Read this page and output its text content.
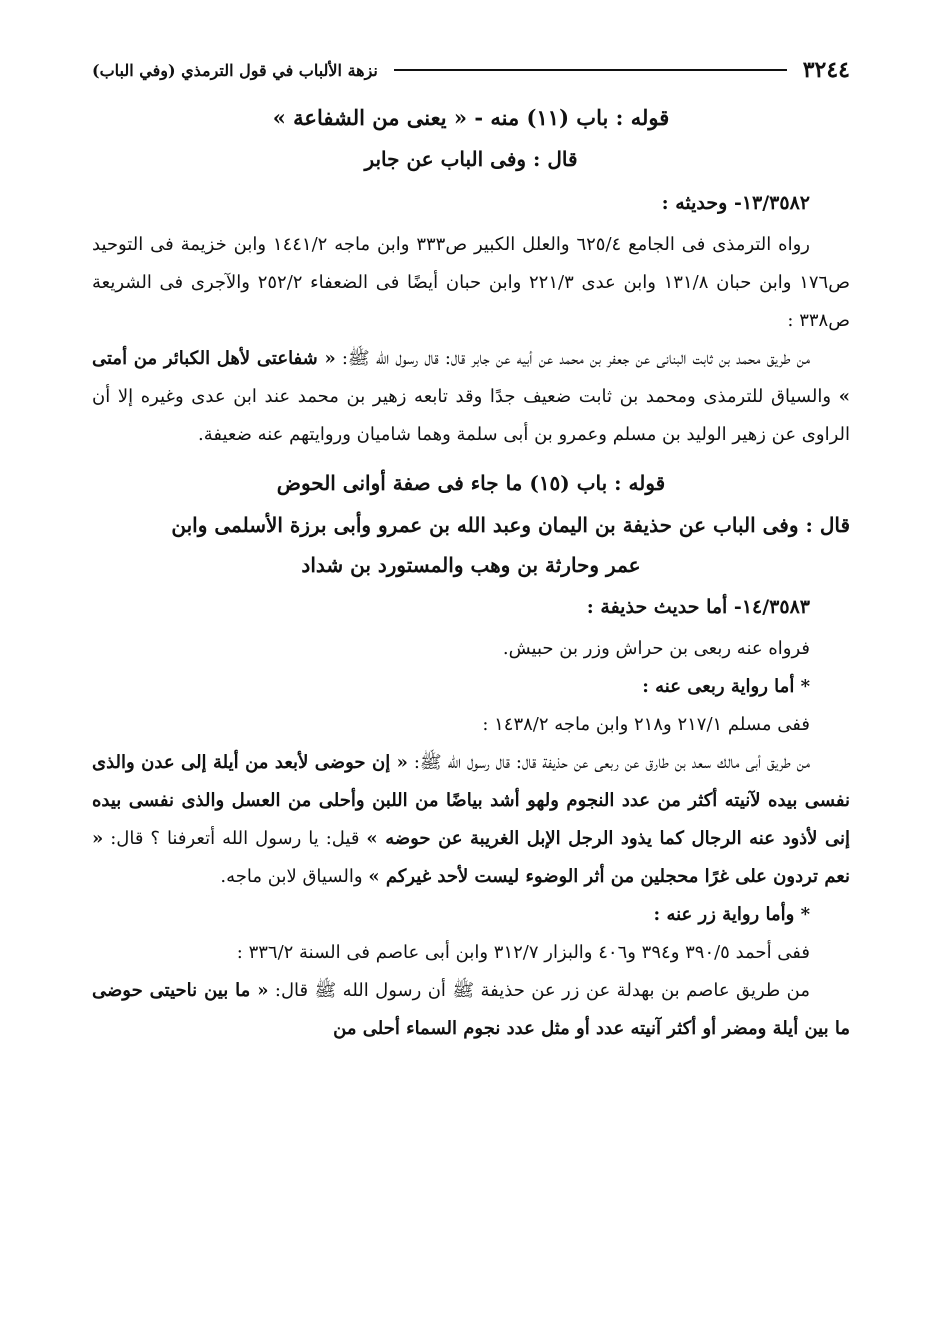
٣٢٤٤
نزهة الألباب في قول الترمذي (وفي الباب)
قوله : باب (١١) منه - « يعنى من الشفاعة »
قال : وفى الباب عن جابر
١٣/٣٥٨٢- وحديثه :

رواه الترمذى فى الجامع ٦٢٥/٤ والعلل الكبير ص٣٣٣ وابن ماجه ١٤٤١/٢ وابن خزيمة فى التوحيد ص١٧٦ وابن حبان ١٣١/٨ وابن عدى ٢٢١/٣ وابن حبان أيضًا فى الضعفاء ٢٥٢/٢ والآجرى فى الشريعة ص٣٣٨ :

من طريق محمد بن ثابت البنانى عن جعفر بن محمد عن أبيه عن جابر قال: قال رسول الله ﷺ: « شفاعتى لأهل الكبائر من أمتى » والسياق للترمذى ومحمد بن ثابت ضعيف جدًا وقد تابعه زهير بن محمد عند ابن عدى وغيره إلا أن الراوى عن زهير الوليد بن مسلم وعمرو بن أبى سلمة وهما شاميان وروايتهم عنه ضعيفة.

قوله : باب (١٥) ما جاء فى صفة أوانى الحوض
قال : وفى الباب عن حذيفة بن اليمان وعبد الله بن عمرو وأبى برزة الأسلمى وابن
عمر وحارثة بن وهب والمستورد بن شداد
١٤/٣٥٨٣- أما حديث حذيفة :

فرواه عنه ربعى بن حراش وزر بن حبيش.

* أما رواية ربعى عنه :

ففى مسلم ٢١٧/١ و٢١٨ وابن ماجه ١٤٣٨/٢ :

من طريق أبى مالك سعد بن طارق عن ربعى عن حذيفة قال: قال رسول الله ﷺ: « إن حوضى لأبعد من أيلة إلى عدن والذى نفسى بيده لآنيته أكثر من عدد النجوم ولهو أشد بياضًا من اللبن وأحلى من العسل والذى نفسى بيده إنى لأذود عنه الرجال كما يذود الرجل الإبل الغريبة عن حوضه » قيل: يا رسول الله أتعرفنا ؟ قال: « نعم تردون على غرًا محجلين من أثر الوضوء ليست لأحد غيركم » والسياق لابن ماجه.

* وأما رواية زر عنه :

ففى أحمد ٣٩٠/٥ و٣٩٤ و٤٠٦ والبزار ٣١٢/٧ وابن أبى عاصم فى السنة ٣٣٦/٢ :

من طريق عاصم بن بهدلة عن زر عن حذيفة ﷺ أن رسول الله ﷺ قال: « ما بين ناحيتى حوضى ما بين أيلة ومضر أو أكثر آنيته عدد أو مثل عدد نجوم السماء أحلى من
